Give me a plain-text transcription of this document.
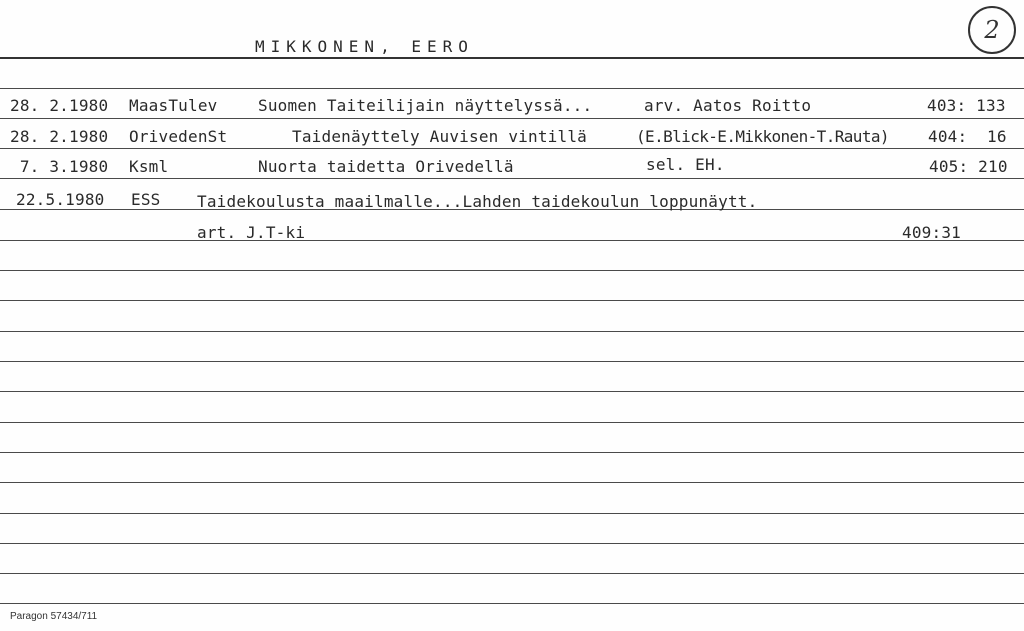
MIKKONEN, EERO
2
28. 2.1980 MaasTulev	Suomen Taiteilijain näyttelyssä...	arv. Aatos Roitto	403: 133
28. 2.1980 OrivedenSt	Taidenäyttely Auvisen vintillä	(E.Blick-E.Mikkonen-T.Rauta) 404:  16
7. 3.1980 Ksml	Nuorta taidetta Orivedellä	sel. EH.	405: 210
22.5.1980 ESS Taidekoulusta maailmalle...Lahden taidekoulun loppunäytt.
art. J.T-ki	409:31
Paragon 57434/711
